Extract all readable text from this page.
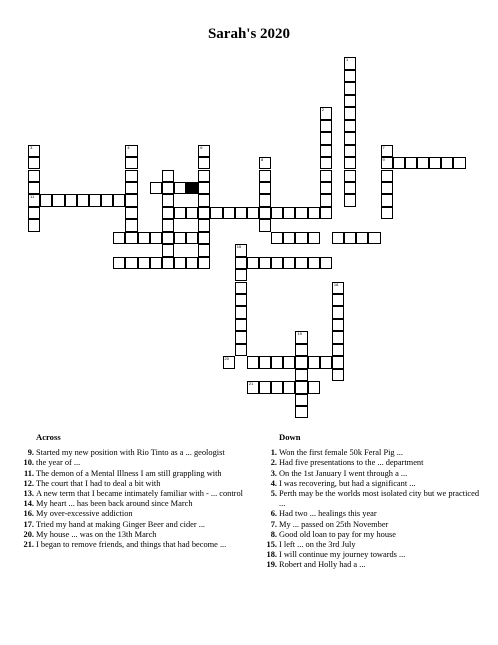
Sarah's 2020
1
2
3
11
4	6	7
9
8
15
18
19
20
21
Across
9. Started my new position with Rio Tinto as a ... geologist
10. the year of ...
11. The demon of a Mental Illness I am still grappling with
12. The court that I had to deal a bit with
13. A new term that I became intimately familiar with - ... control
14. My heart ... has been back around since March
16. My over-excessive addiction
17. Tried my hand at making Ginger Beer and cider ...
20. My house ... was on the 13th March
21. I began to remove friends, and things that had become ...
Down
1. Won the first female 50k Feral Pig ...
2. Had five presentations to the ... department
3. On the 1st January I went through a ...
4. I was recovering, but had a significant ...
5. Perth may be the worlds most isolated city but we practiced ...
6. Had two ... healings this year
7. My ... passed on 25th November
8. Good old loan to pay for my house
15. I left ... on the 3rd July
18. I will continue my journey towards ...
19. Robert and Holly had a ...
